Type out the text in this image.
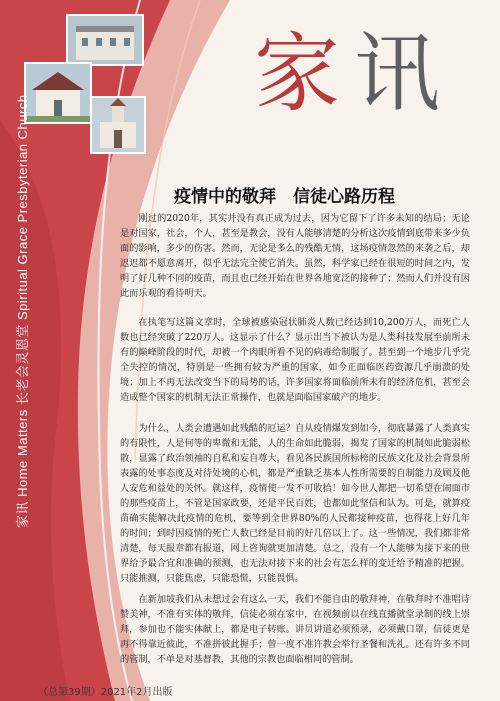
家 讯
家讯 Home Matters 长老会灵恩堂 Spiritual Grace Presbyterian Church	疫情中的敬拜　信徒心路历程

刚过的2020年，其实并没有真正成为过去，因为它留下了许多未知的结局；无论是对国家，社会，个人，甚至是教会，没有人能够清楚的分析这次疫情到底带来多少负面的影响，多少的伤害。然而，无论是多么的残酷无情，这场疫情忽然的来袭之后，却迟迟都不愿意离开，似乎无法完全使它消失。虽然，科学家已经在很短的时间之内，发明了好几种不同的疫苗，而且也已经开始在世界各地宽泛的接种了；然而人们并没有因此而乐观的看待明天。

在执笔写这篇文章时，全球被感染冠状肺炎人数已经达到10,200万人，而死亡人数也已经突破了220万人。这显示了什么？显示出当下被认为是人类科技发展至前所未有的巅峰阶段的时代，却被一个肉眼所看不见的病毒给制服了。甚至到一个地步几乎完全失控的情况，特别是一些拥有较为严重的国家，如今正面临医药资源几乎崩溃的处境；加上不再无法改变当下的局势的话，许多国家将面临前所未有的经济危机，甚至会造成整个国家的机制无法正常操作，也就是面临国家破产的地步。

为什么，人类会遭遇如此残酷的厄运？自从疫情爆发到如今，彻底暴露了人类真实的有限性，人是何等的卑微和无能，人的生命如此脆弱，揭发了国家的机制如此脆弱松散，显露了政治领袖的自私和妄自尊大，看见各民族国所标榜的民族文化及社会背景所表露的处事态度及对待处境的心机，都是严重缺乏基本人性所需要的自制能力及顾及他人安危和益处的关怀。就这样，疫情使一发不可收拾！如今世人都把一切希望在闹面市的那些疫苗上，不管是国家政要，还是平民百姓，也都如此坚信和认为。可是，就算疫苗确实能解决此疫情的危机，要等到全世界80%的人民都接种疫苗，也得花上好几年的时间；到时因疫情的死亡人数已经是目前的好几倍以上了。这一些情况，我们都非常清楚，每天报章都有报道，网上咨询就更加清楚。总之，没有一个人能够为接下来的世界给予最合宜和准确的预测，也无法对接下来的社会有怎么样的变迁给予精准的把握。只能推测，只能焦虑，只能恐慌，只能畏惧。

在新加坡我们从未想过会有这么一天，我们不能自由的敬拜神，在敬拜时不准唱诗赞美神，不准有实体的敬拜，信徒必须在家中，在视频前以在线直播就堂录制的线上崇拜，参加也不能实体献上，都是电子转账。讲员讲道必须预录，必须戴口罩，信徒更是再不得靠近彼此，不准拼彼此握手；曾一度不准许教会举行圣餐和洗礼。还有许多不同的管制，不单是对基督教，其他的宗教也面临相同的管制。

（总第39期）2021年2月出版
